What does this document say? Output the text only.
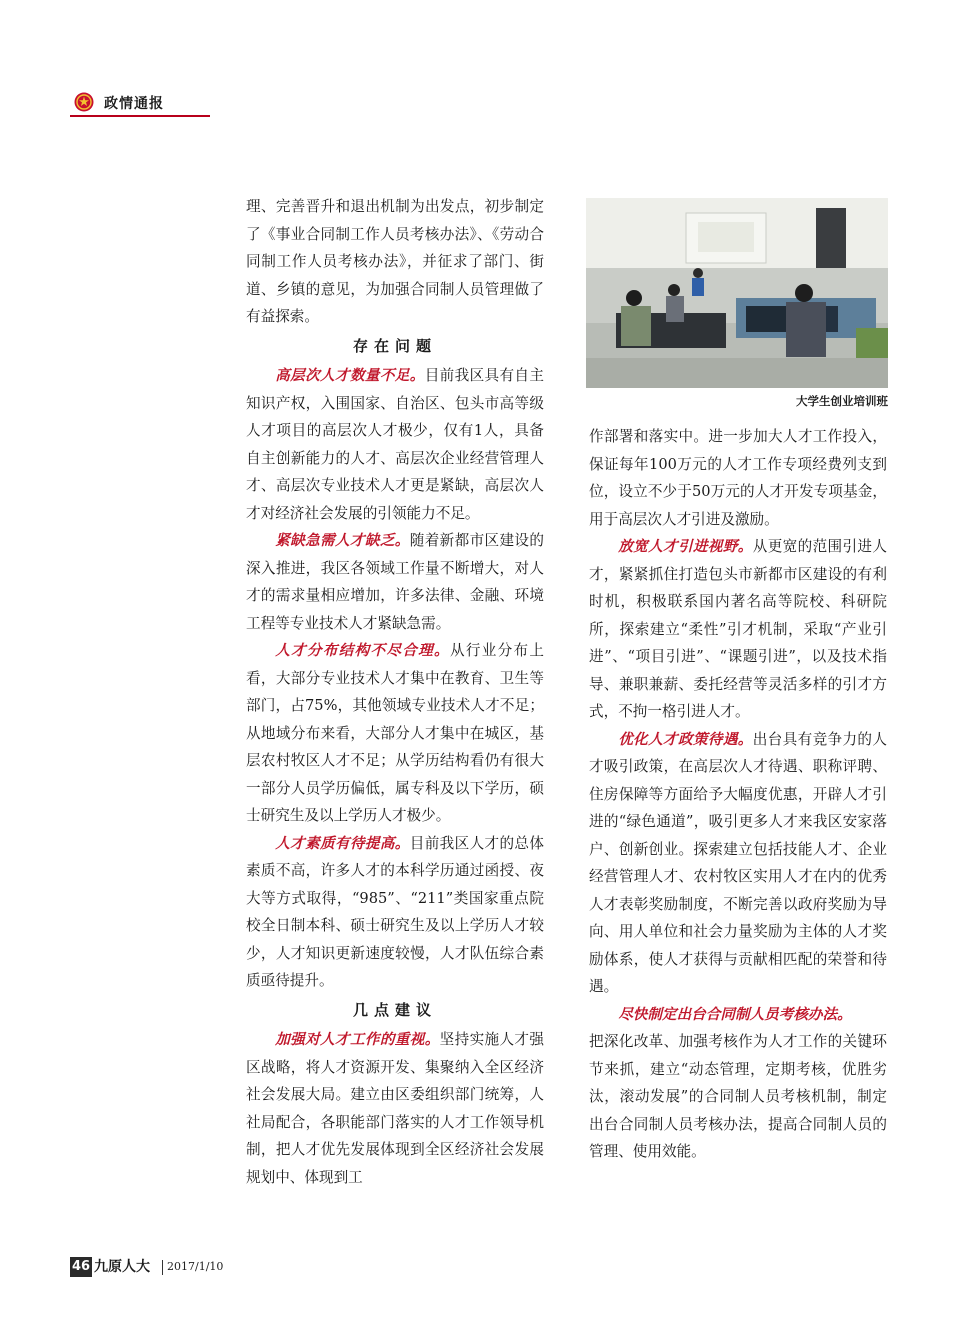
政情通报

理、完善晋升和退出机制为出发点，初步制定了《事业合同制工作人员考核办法》、《劳动合同制工作人员考核办法》，并征求了部门、街道、乡镇的意见，为加强合同制人员管理做了有益探索。

存在问题

高层次人才数量不足。目前我区具有自主知识产权，入围国家、自治区、包头市高等级人才项目的高层次人才极少，仅有1人，具备自主创新能力的人才、高层次企业经营管理人才、高层次专业技术人才更是紧缺，高层次人才对经济社会发展的引领能力不足。

紧缺急需人才缺乏。随着新都市区建设的深入推进，我区各领域工作量不断增大，对人才的需求量相应增加，许多法律、金融、环境工程等专业技术人才紧缺急需。

人才分布结构不尽合理。从行业分布上看，大部分专业技术人才集中在教育、卫生等部门，占75%，其他领域专业技术人才不足；从地域分布来看，大部分人才集中在城区，基层农村牧区人才不足；从学历结构看仍有很大一部分人员学历偏低，属专科及以下学历，硕士研究生及以上学历人才极少。

人才素质有待提高。目前我区人才的总体素质不高，许多人才的本科学历通过函授、夜大等方式取得，“985”、“211”类国家重点院校全日制本科、硕士研究生及以上学历人才较少，人才知识更新速度较慢，人才队伍综合素质亟待提升。

几点建议

加强对人才工作的重视。坚持实施人才强区战略，将人才资源开发、集聚纳入全区经济社会发展大局。建立由区委组织部门统筹，人社局配合，各职能部门落实的人才工作领导机制，把人才优先发展体现到全区经济社会发展规划中、体现到工

大学生创业培训班

作部署和落实中。进一步加大人才工作投入，保证每年100万元的人才工作专项经费列支到位，设立不少于50万元的人才开发专项基金，用于高层次人才引进及激励。

放宽人才引进视野。从更宽的范围引进人才，紧紧抓住打造包头市新都市区建设的有利时机，积极联系国内著名高等院校、科研院所，探索建立“柔性”引才机制，采取“产业引进”、“项目引进”、“课题引进”，以及技术指导、兼职兼薪、委托经营等灵活多样的引才方式，不拘一格引进人才。

优化人才政策待遇。出台具有竞争力的人才吸引政策，在高层次人才待遇、职称评聘、住房保障等方面给予大幅度优惠，开辟人才引进的“绿色通道”，吸引更多人才来我区安家落户、创新创业。探索建立包括技能人才、企业经营管理人才、农村牧区实用人才在内的优秀人才表彰奖励制度，不断完善以政府奖励为导向、用人单位和社会力量奖励为主体的人才奖励体系，使人才获得与贡献相匹配的荣誉和待遇。

尽快制定出台合同制人员考核办法。
把深化改革、加强考核作为人才工作的关键环节来抓，建立“动态管理，定期考核，优胜劣汰，滚动发展”的合同制人员考核机制，制定出台合同制人员考核办法，提高合同制人员的管理、使用效能。

46 九原人大 2017/1/10
